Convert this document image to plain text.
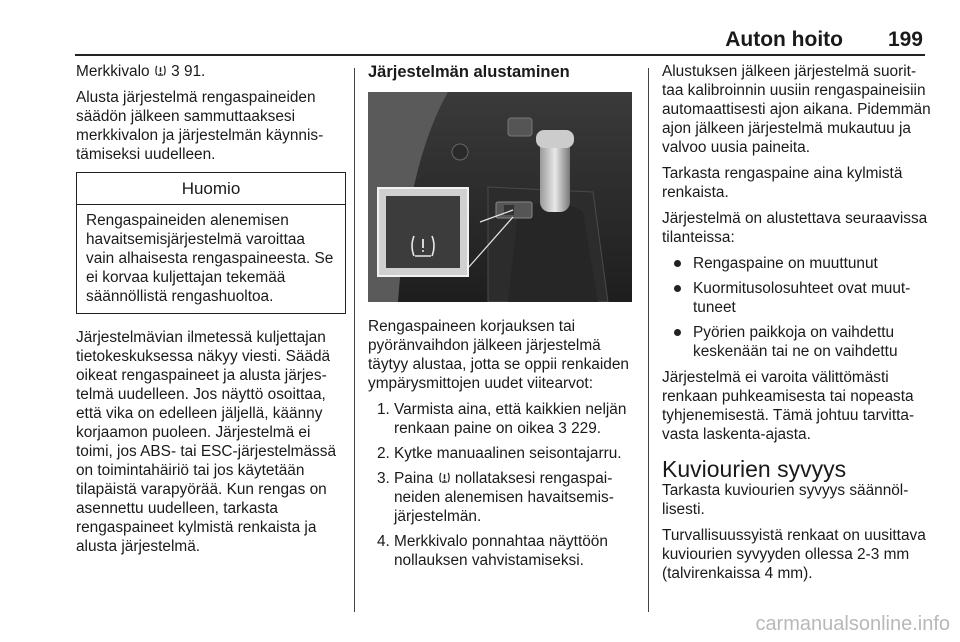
Auton hoito 199

Merkkivalo  3 91.

Alusta järjestelmä rengaspaineiden säädön jälkeen sammuttaaksesi merkkivalon ja järjestelmän käynnistämiseksi uudelleen.

Huomio
Rengaspaineiden alenemisen havaitsemisjärjestelmä varoittaa vain alhaisesta rengaspaineesta. Se ei korvaa kuljettajan tekemää säännöllistä rengashuoltoa.

Järjestelmävian ilmetessä kuljettajan tietokeskuksessa näkyy viesti. Säädä oikeat rengaspaineet ja alusta järjestelmä uudelleen. Jos näyttö osoittaa, että vika on edelleen jäljellä, käänny korjaamon puoleen. Järjestelmä ei toimi, jos ABS- tai ESC-järjestelmässä on toimintahäiriö tai jos käytetään tilapäistä varapyörää. Kun rengas on asennettu uudelleen, tarkasta rengaspaineet kylmistä renkaista ja alusta järjestelmä.

Järjestelmän alustaminen

Rengaspaineen korjauksen tai pyöränvaihdon jälkeen järjestelmä täytyy alustaa, jotta se oppii renkaiden ympärysmittojen uudet viitearvot:

1. Varmista aina, että kaikkien neljän renkaan paine on oikea 3 229.
2. Kytke manuaalinen seisontajarru.
3. Paina  nollataksesi rengaspaineiden alenemisen havaitsemisjärjestelmän.
4. Merkkivalo ponnahtaa näyttöön nollauksen vahvistamiseksi.

Alustuksen jälkeen järjestelmä suorittaa kalibroinnin uusiin rengaspaineisiin automaattisesti ajon aikana. Pidemmän ajon jälkeen järjestelmä mukautuu ja valvoo uusia paineita.

Tarkasta rengaspaine aina kylmistä renkaista.

Järjestelmä on alustettava seuraavissa tilanteissa:

Rengaspaine on muuttunut
Kuormitusolosuhteet ovat muuttuneet
Pyörien paikkoja on vaihdettu keskenään tai ne on vaihdettu

Järjestelmä ei varoita välittömästi renkaan puhkeamisesta tai nopeasta tyhjenemisestä. Tämä johtuu tarvittavasta laskenta-ajasta.

Kuviourien syvyys

Tarkasta kuviourien syvyys säännöllisesti.

Turvallisuussyistä renkaat on uusittava kuviourien syvyyden ollessa 2-3 mm (talvirenkaissa 4 mm).

carmanualsonline.info
